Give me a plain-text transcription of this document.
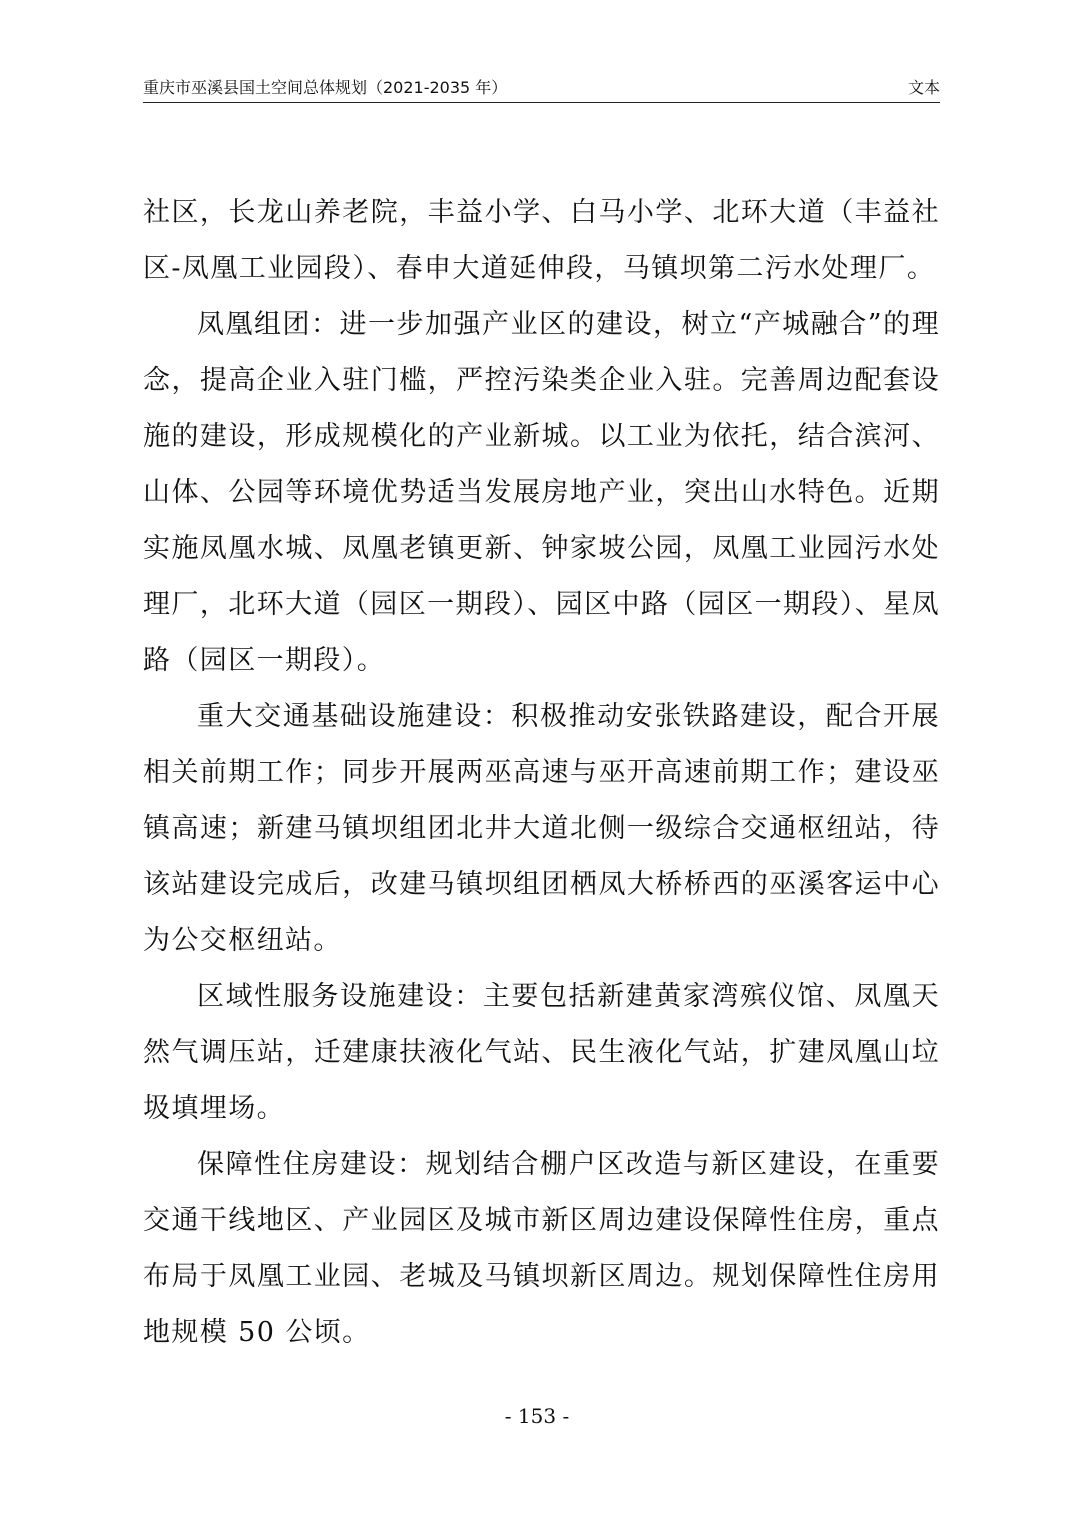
重庆市巫溪县国土空间总体规划（2021-2035 年）	文本

社区，长龙山养老院，丰益小学、白马小学、北环大道（丰益社区-凤凰工业园段）、春申大道延伸段，马镇坝第二污水处理厂。

凤凰组团：进一步加强产业区的建设，树立“产城融合”的理念，提高企业入驻门槛，严控污染类企业入驻。完善周边配套设施的建设，形成规模化的产业新城。以工业为依托，结合滨河、山体、公园等环境优势适当发展房地产业，突出山水特色。近期实施凤凰水城、凤凰老镇更新、钟家坡公园，凤凰工业园污水处理厂，北环大道（园区一期段）、园区中路（园区一期段）、星凤路（园区一期段）。

重大交通基础设施建设：积极推动安张铁路建设，配合开展相关前期工作；同步开展两巫高速与巫开高速前期工作；建设巫镇高速；新建马镇坝组团北井大道北侧一级综合交通枢纽站，待该站建设完成后，改建马镇坝组团栖凤大桥桥西的巫溪客运中心为公交枢纽站。

区域性服务设施建设：主要包括新建黄家湾殡仪馆、凤凰天然气调压站，迁建康扶液化气站、民生液化气站，扩建凤凰山垃圾填埋场。

保障性住房建设：规划结合棚户区改造与新区建设，在重要交通干线地区、产业园区及城市新区周边建设保障性住房，重点布局于凤凰工业园、老城及马镇坝新区周边。规划保障性住房用地规模 50 公顷。

- 153 -
